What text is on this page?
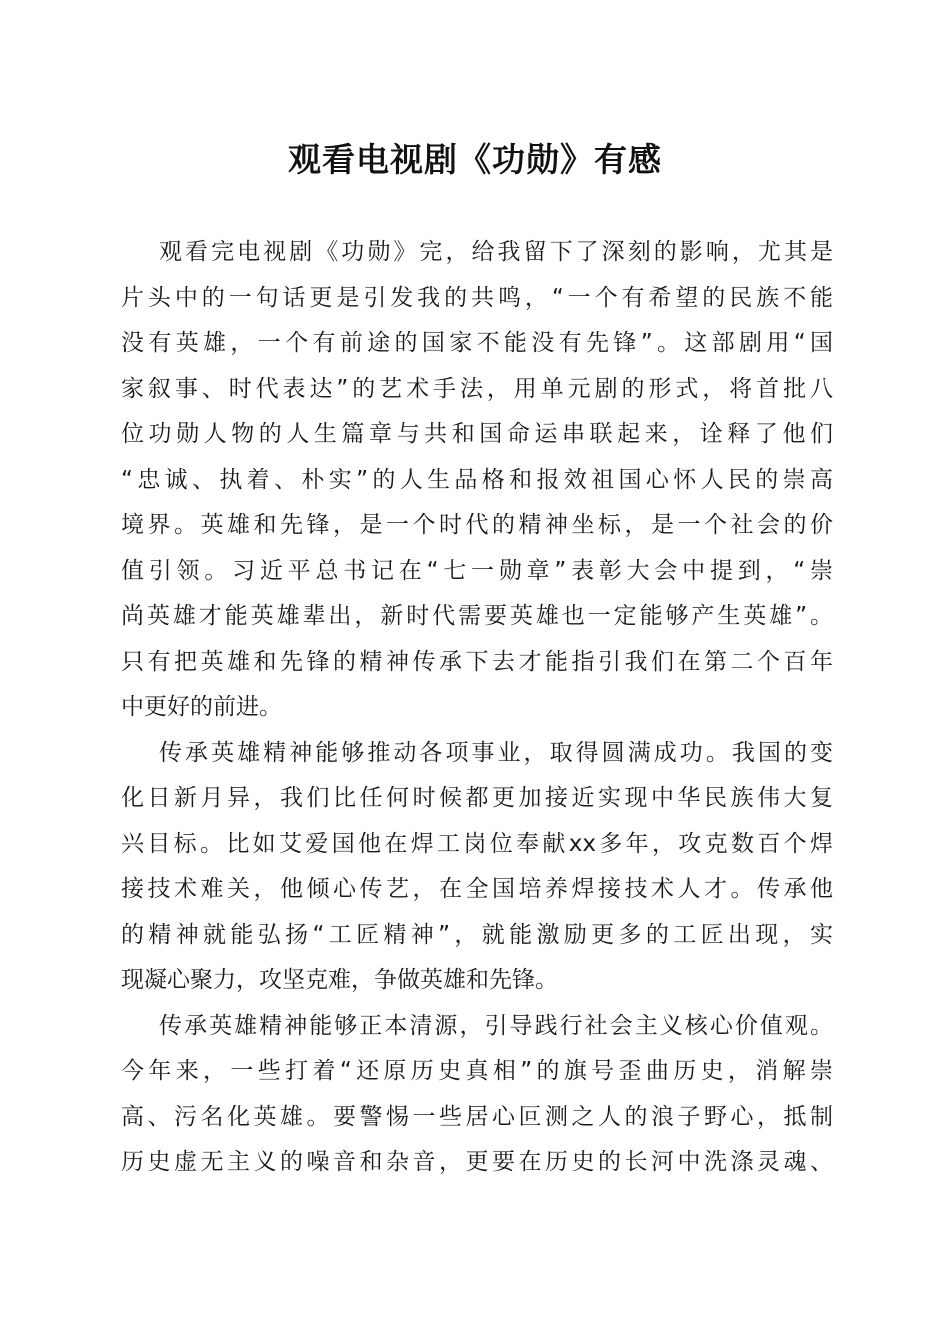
观看电视剧《功勋》有感
观看完电视剧《功勋》完，给我留下了深刻的影响，尤其是
片头中的一句话更是引发我的共鸣，“一个有希望的民族不能
没有英雄，一个有前途的国家不能没有先锋”。这部剧用“国
家叙事、时代表达”的艺术手法，用单元剧的形式，将首批八
位功勋人物的人生篇章与共和国命运串联起来，诠释了他们
“忠诚、执着、朴实”的人生品格和报效祖国心怀人民的崇高
境界。英雄和先锋，是一个时代的精神坐标，是一个社会的价
值引领。习近平总书记在“七一勋章”表彰大会中提到，“崇
尚英雄才能英雄辈出，新时代需要英雄也一定能够产生英雄”。
只有把英雄和先锋的精神传承下去才能指引我们在第二个百年
中更好的前进。
传承英雄精神能够推动各项事业，取得圆满成功。我国的变
化日新月异，我们比任何时候都更加接近实现中华民族伟大复
兴目标。比如艾爱国他在焊工岗位奉献xx多年，攻克数百个焊
接技术难关，他倾心传艺，在全国培养焊接技术人才。传承他
的精神就能弘扬“工匠精神”，就能激励更多的工匠出现，实
现凝心聚力，攻坚克难，争做英雄和先锋。
传承英雄精神能够正本清源，引导践行社会主义核心价值观。
今年来，一些打着“还原历史真相”的旗号歪曲历史，消解崇
高、污名化英雄。要警惕一些居心叵测之人的浪子野心，抵制
历史虚无主义的噪音和杂音，更要在历史的长河中洗涤灵魂、
